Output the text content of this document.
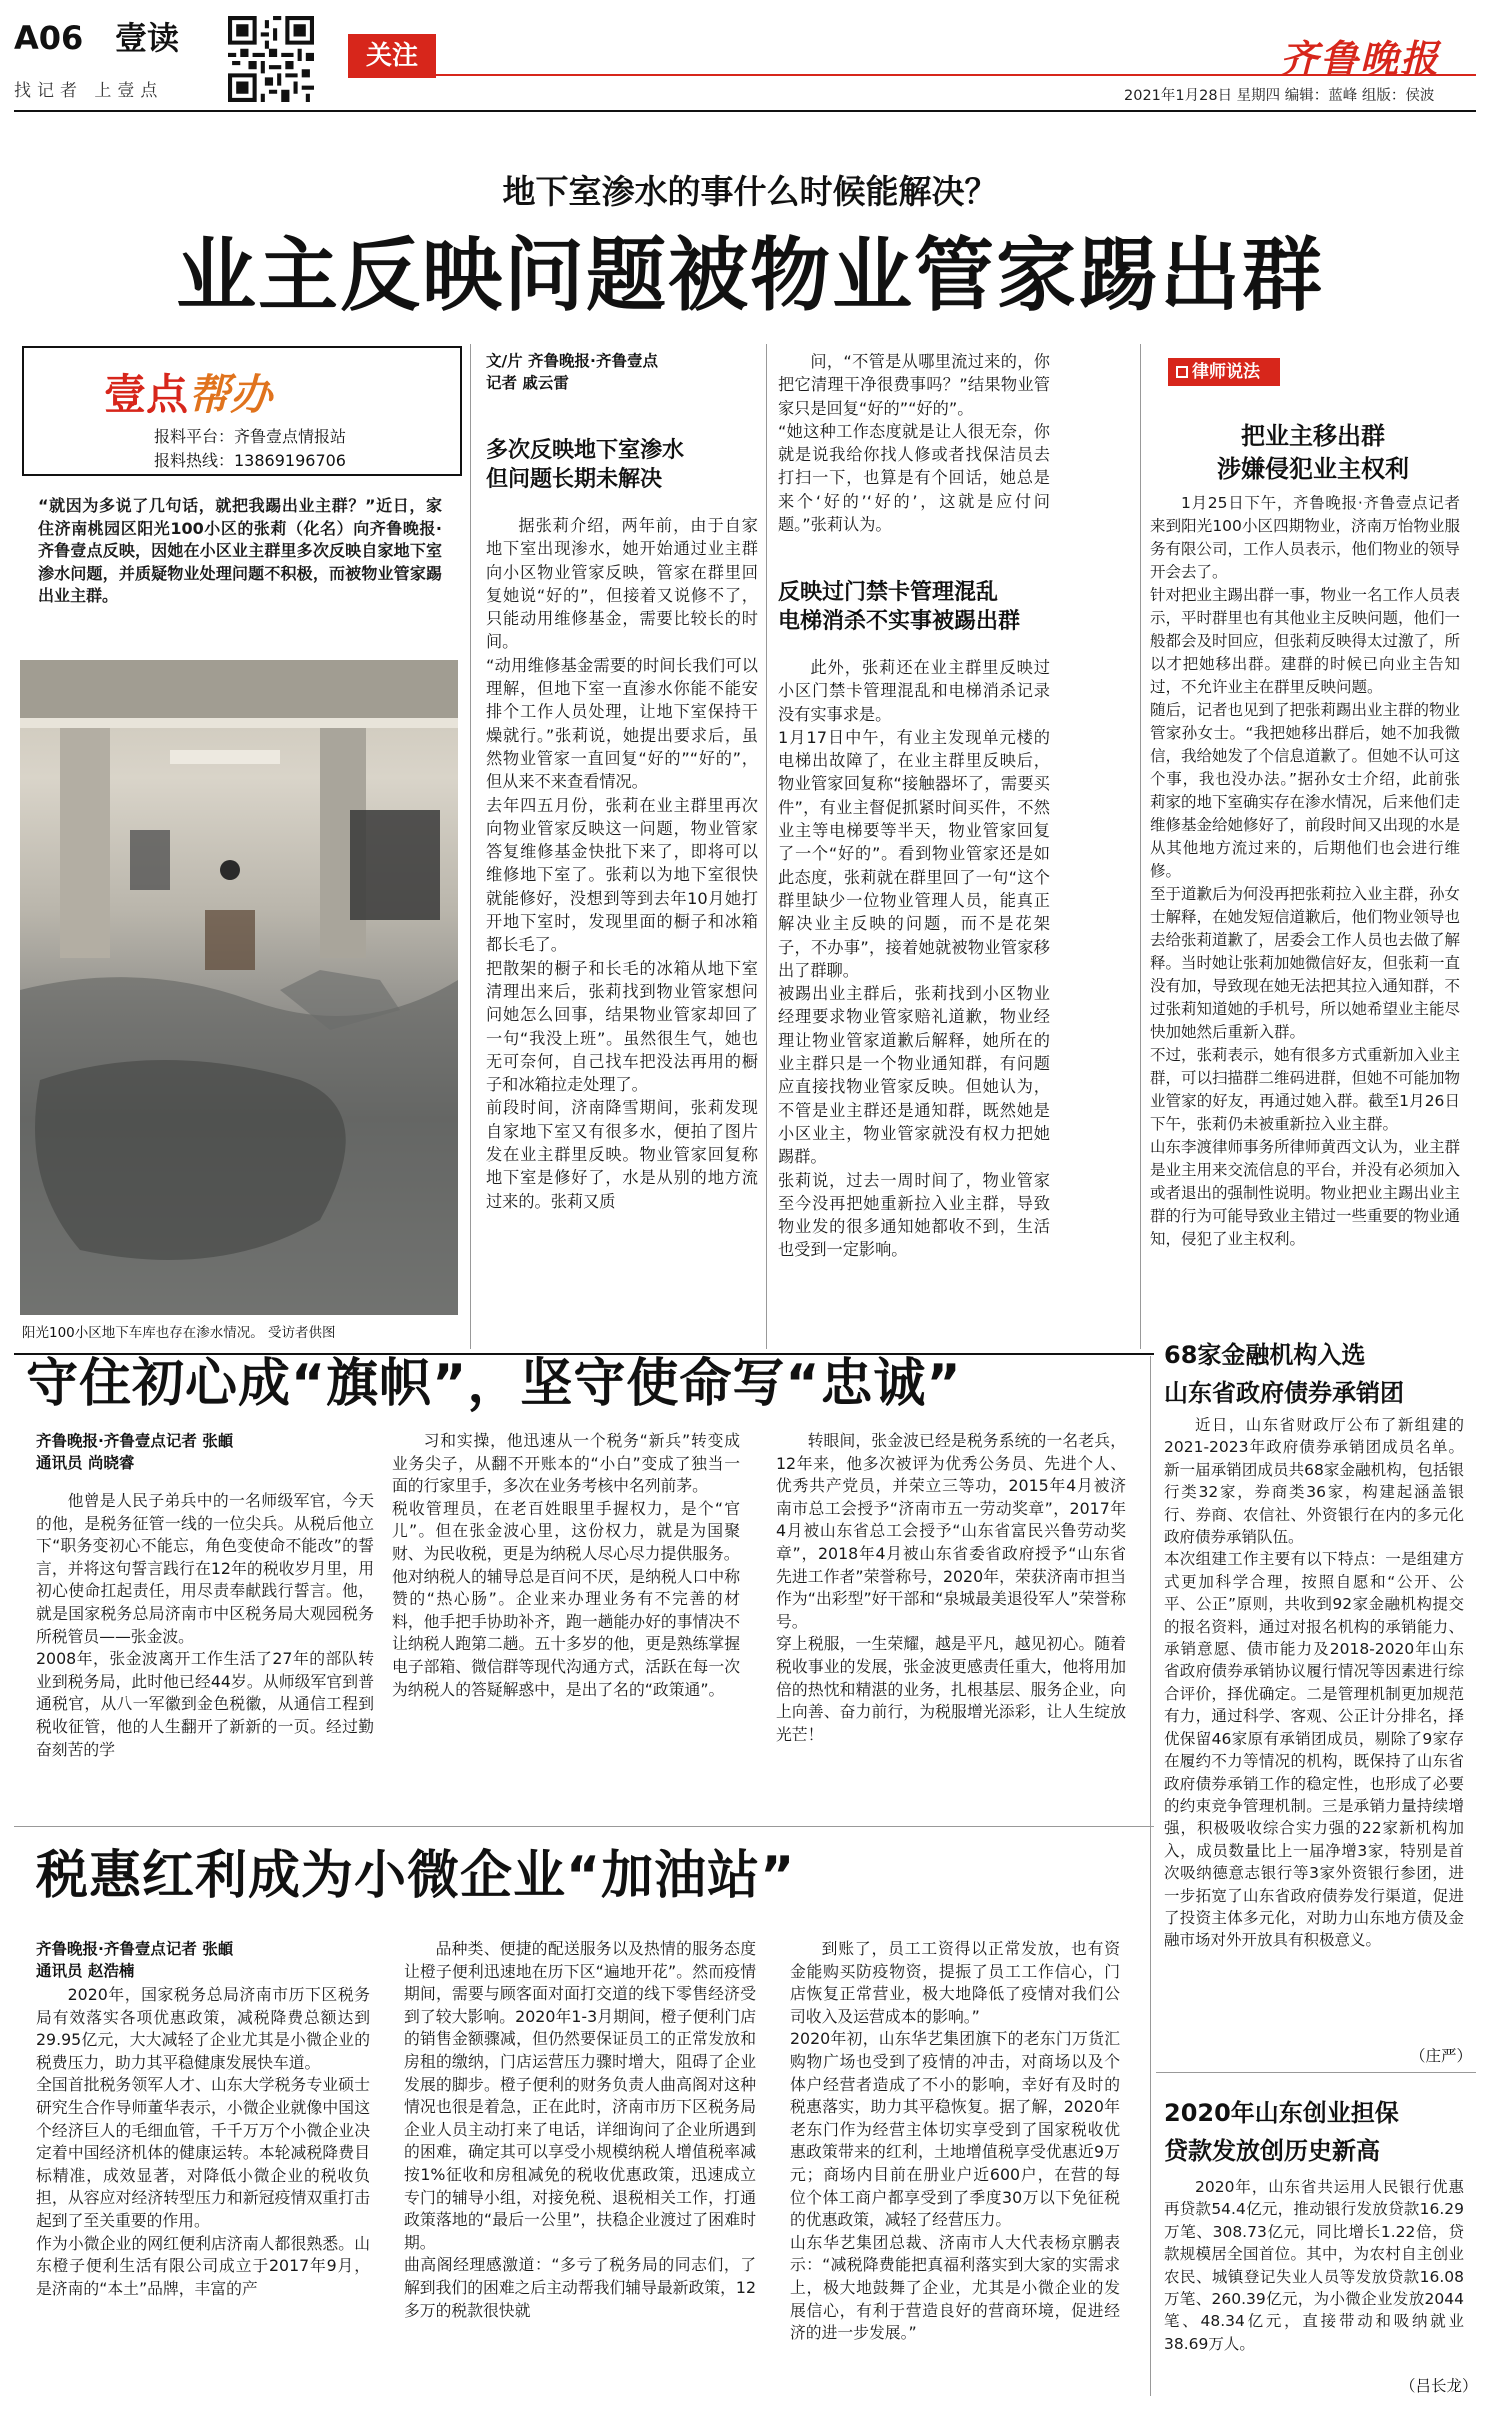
A06 壹读
找记者 上壹点
关注	齐鲁晚报
2021年1月28日 星期四 编辑：蓝峰 组版：侯波
地下室渗水的事什么时候能解决？
业主反映问题被物业管家踢出群
壹点帮办
报料平台：齐鲁壹点情报站
报料热线：13869196706
“就因为多说了几句话，就把我踢出业主群？”近日，家住济南桃园区阳光100小区的张莉（化名）向齐鲁晚报·齐鲁壹点反映，因她在小区业主群里多次反映自家地下室渗水问题，并质疑物业处理问题不积极，而被物业管家踢出业主群。
阳光100小区地下车库也存在渗水情况。 受访者供图
文/片 齐鲁晚报·齐鲁壹点
记者 戚云雷
多次反映地下室渗水
但问题长期未解决
据张莉介绍，两年前，由于自家地下室出现渗水，她开始通过业主群向小区物业管家反映，管家在群里回复她说“好的”，但接着又说修不了，只能动用维修基金，需要比较长的时间。
“动用维修基金需要的时间长我们可以理解，但地下室一直渗水你能不能安排个工作人员处理，让地下室保持干燥就行。”张莉说，她提出要求后，虽然物业管家一直回复“好的”“好的”，但从来不来查看情况。
去年四五月份，张莉在业主群里再次向物业管家反映这一问题，物业管家答复维修基金快批下来了，即将可以维修地下室了。张莉以为地下室很快就能修好，没想到等到去年10月她打开地下室时，发现里面的橱子和冰箱都长毛了。
把散架的橱子和长毛的冰箱从地下室清理出来后，张莉找到物业管家想问问她怎么回事，结果物业管家却回了一句“我没上班”。虽然很生气，她也无可奈何，自己找车把没法再用的橱子和冰箱拉走处理了。
前段时间，济南降雪期间，张莉发现自家地下室又有很多水，便拍了图片发在业主群里反映。物业管家回复称地下室是修好了，水是从别的地方流过来的。张莉又质
问，“不管是从哪里流过来的，你把它清理干净很费事吗？”结果物业管家只是回复“好的”“好的”。
“她这种工作态度就是让人很无奈，你就是说我给你找人修或者找保洁员去打扫一下，也算是有个回话，她总是来个‘好的’‘好的’，这就是应付问题。”张莉认为。
反映过门禁卡管理混乱
电梯消杀不实事被踢出群
此外，张莉还在业主群里反映过小区门禁卡管理混乱和电梯消杀记录没有实事求是。
1月17日中午，有业主发现单元楼的电梯出故障了，在业主群里反映后，物业管家回复称“接触器坏了，需要买件”，有业主督促抓紧时间买件，不然业主等电梯要等半天，物业管家回复了一个“好的”。看到物业管家还是如此态度，张莉就在群里回了一句“这个群里缺少一位物业管理人员，能真正解决业主反映的问题，而不是花架子，不办事”，接着她就被物业管家移出了群聊。
被踢出业主群后，张莉找到小区物业经理要求物业管家赔礼道歉，物业经理让物业管家道歉后解释，她所在的业主群只是一个物业通知群，有问题应直接找物业管家反映。但她认为，不管是业主群还是通知群，既然她是小区业主，物业管家就没有权力把她踢群。
张莉说，过去一周时间了，物业管家至今没再把她重新拉入业主群，导致物业发的很多通知她都收不到，生活也受到一定影响。
律师说法
把业主移出群
涉嫌侵犯业主权利
1月25日下午，齐鲁晚报·齐鲁壹点记者来到阳光100小区四期物业，济南万怡物业服务有限公司，工作人员表示，他们物业的领导开会去了。
针对把业主踢出群一事，物业一名工作人员表示，平时群里也有其他业主反映问题，他们一般都会及时回应，但张莉反映得太过激了，所以才把她移出群。建群的时候已向业主告知过，不允许业主在群里反映问题。
随后，记者也见到了把张莉踢出业主群的物业管家孙女士。“我把她移出群后，她不加我微信，我给她发了个信息道歉了。但她不认可这个事，我也没办法。”据孙女士介绍，此前张莉家的地下室确实存在渗水情况，后来他们走维修基金给她修好了，前段时间又出现的水是从其他地方流过来的，后期他们也会进行维修。
至于道歉后为何没再把张莉拉入业主群，孙女士解释，在她发短信道歉后，他们物业领导也去给张莉道歉了，居委会工作人员也去做了解释。当时她让张莉加她微信好友，但张莉一直没有加，导致现在她无法把其拉入通知群，不过张莉知道她的手机号，所以她希望业主能尽快加她然后重新入群。
不过，张莉表示，她有很多方式重新加入业主群，可以扫描群二维码进群，但她不可能加物业管家的好友，再通过她入群。截至1月26日下午，张莉仍未被重新拉入业主群。
山东李渡律师事务所律师黄西文认为，业主群是业主用来交流信息的平台，并没有必须加入或者退出的强制性说明。物业把业主踢出业主群的行为可能导致业主错过一些重要的物业通知，侵犯了业主权利。
守住初心成“旗帜”，坚守使命写“忠诚”
齐鲁晚报·齐鲁壹点记者 张頔
通讯员 尚晓睿
他曾是人民子弟兵中的一名师级军官，今天的他，是税务征管一线的一位尖兵。从税后他立下“职务变初心不能忘，角色变使命不能改”的誓言，并将这句誓言践行在12年的税收岁月里，用初心使命扛起责任，用尽责奉献践行誓言。他，就是国家税务总局济南市中区税务局大观园税务所税管员——张金波。
2008年，张金波离开工作生活了27年的部队转业到税务局，此时他已经44岁。从师级军官到普通税官，从八一军徽到金色税徽，从通信工程到税收征管，他的人生翻开了新新的一页。经过勤奋刻苦的学
习和实操，他迅速从一个税务“新兵”转变成业务尖子，从翻不开账本的“小白”变成了独当一面的行家里手，多次在业务考核中名列前茅。
税收管理员，在老百姓眼里手握权力，是个“官儿”。但在张金波心里，这份权力，就是为国聚财、为民收税，更是为纳税人尽心尽力提供服务。
他对纳税人的辅导总是百问不厌，是纳税人口中称赞的“热心肠”。企业来办理业务有不完善的材料，他手把手协助补齐，跑一趟能办好的事情决不让纳税人跑第二趟。五十多岁的他，更是熟练掌握电子部箱、微信群等现代沟通方式，活跃在每一次为纳税人的答疑解惑中，是出了名的“政策通”。
转眼间，张金波已经是税务系统的一名老兵，12年来，他多次被评为优秀公务员、先进个人、优秀共产党员，并荣立三等功，2015年4月被济南市总工会授予“济南市五一劳动奖章”，2017年4月被山东省总工会授予“山东省富民兴鲁劳动奖章”，2018年4月被山东省委省政府授予“山东省先进工作者”荣誉称号，2020年，荣获济南市担当作为“出彩型”好干部和“泉城最美退役军人”荣誉称号。
穿上税服，一生荣耀，越是平凡，越见初心。随着税收事业的发展，张金波更感责任重大，他将用加倍的热忱和精湛的业务，扎根基层、服务企业，向上向善、奋力前行，为税服增光添彩，让人生绽放光芒！
税惠红利成为小微企业“加油站”
齐鲁晚报·齐鲁壹点记者 张頔
通讯员 赵浩楠
2020年，国家税务总局济南市历下区税务局有效落实各项优惠政策，减税降费总额达到29.95亿元，大大减轻了企业尤其是小微企业的税费压力，助力其平稳健康发展快车道。
全国首批税务领军人才、山东大学税务专业硕士研究生合作导师董华表示，小微企业就像中国这个经济巨人的毛细血管，千千万万个小微企业决定着中国经济机体的健康运转。本轮减税降费目标精准，成效显著，对降低小微企业的税收负担，从容应对经济转型压力和新冠疫情双重打击起到了至关重要的作用。
作为小微企业的网红便利店济南人都很熟悉。山东橙子便利生活有限公司成立于2017年9月，是济南的“本土”品牌，丰富的产
品种类、便捷的配送服务以及热情的服务态度让橙子便利迅速地在历下区“遍地开花”。然而疫情期间，需要与顾客面对面打交道的线下零售经济受到了较大影响。2020年1-3月期间，橙子便利门店的销售金额骤减，但仍然要保证员工的正常发放和房租的缴纳，门店运营压力骤时增大，阻碍了企业发展的脚步。橙子便利的财务负责人曲高阁对这种情况也很是着急，正在此时，济南市历下区税务局企业人员主动打来了电话，详细询问了企业所遇到的困难，确定其可以享受小规模纳税人增值税率减按1%征收和房租减免的税收优惠政策，迅速成立专门的辅导小组，对接免税、退税相关工作，打通政策落地的“最后一公里”，扶稳企业渡过了困难时期。
曲高阁经理感激道：“多亏了税务局的同志们，了解到我们的困难之后主动帮我们辅导最新政策，12多万的税款很快就
到账了，员工工资得以正常发放，也有资金能购买防疫物资，提振了员工工作信心，门店恢复正常营业，极大地降低了疫情对我们公司收入及运营成本的影响。”
2020年初，山东华艺集团旗下的老东门万货汇购物广场也受到了疫情的冲击，对商场以及个体户经营者造成了不小的影响，幸好有及时的税惠落实，助力其平稳恢复。据了解，2020年老东门作为经营主体切实享受到了国家税收优惠政策带来的红利，土地增值税享受优惠近9万元；商场内目前在册业户近600户，在营的每位个体工商户都享受到了季度30万以下免征税的优惠政策，减轻了经营压力。
山东华艺集团总裁、济南市人大代表杨京鹏表示：“减税降费能把真福利落实到大家的实需求上，极大地鼓舞了企业，尤其是小微企业的发展信心，有利于营造良好的营商环境，促进经济的进一步发展。”
68家金融机构入选
山东省政府债券承销团
近日，山东省财政厅公布了新组建的2021-2023年政府债券承销团成员名单。新一届承销团成员共68家金融机构，包括银行类32家，券商类36家，构建起涵盖银行、券商、农信社、外资银行在内的多元化政府债券承销队伍。
本次组建工作主要有以下特点：一是组建方式更加科学合理，按照自愿和“公开、公平、公正”原则，共收到92家金融机构提交的报名资料，通过对报名机构的承销能力、承销意愿、债市能力及2018-2020年山东省政府债券承销协议履行情况等因素进行综合评价，择优确定。二是管理机制更加规范有力，通过科学、客观、公正计分排名，择优保留46家原有承销团成员，剔除了9家存在履约不力等情况的机构，既保持了山东省政府债券承销工作的稳定性，也形成了必要的约束竞争管理机制。三是承销力量持续增强，积极吸收综合实力强的22家新机构加入，成员数量比上一届净增3家，特别是首次吸纳德意志银行等3家外资银行参团，进一步拓宽了山东省政府债券发行渠道，促进了投资主体多元化，对助力山东地方债及金融市场对外开放具有积极意义。
（庄严）
2020年山东创业担保
贷款发放创历史新高
2020年，山东省共运用人民银行优惠再贷款54.4亿元，推动银行发放贷款16.29万笔、308.73亿元，同比增长1.22倍，贷款规模居全国首位。其中，为农村自主创业农民、城镇登记失业人员等发放贷款16.08万笔、260.39亿元，为小微企业发放2044笔、48.34亿元，直接带动和吸纳就业38.69万人。
（吕长龙）
